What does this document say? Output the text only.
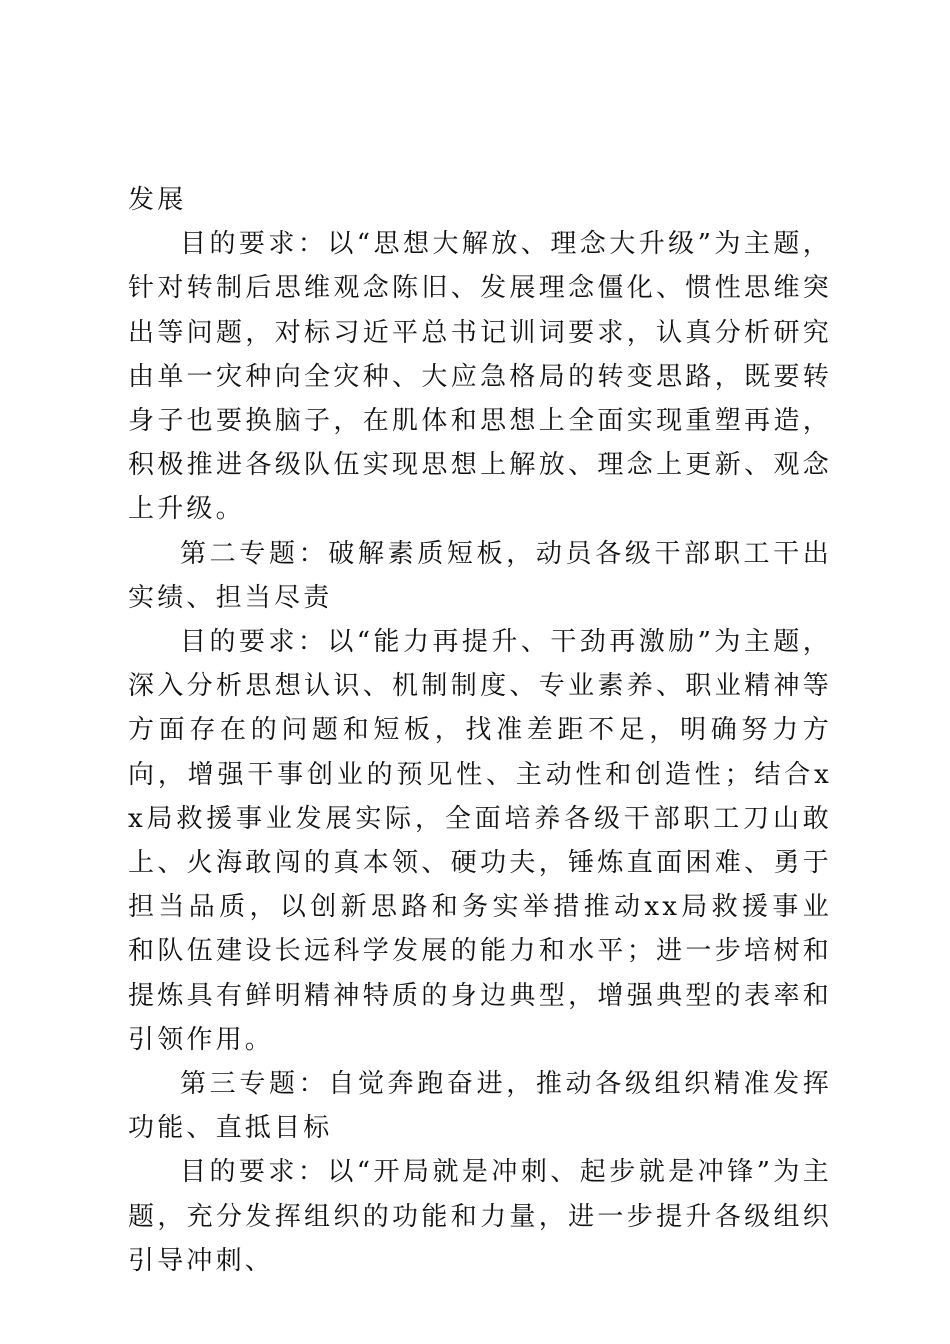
发展

目的要求：以“思想大解放、理念大升级”为主题，针对转制后思维观念陈旧、发展理念僵化、惯性思维突出等问题，对标习近平总书记训词要求，认真分析研究由单一灾种向全灾种、大应急格局的转变思路，既要转身子也要换脑子，在肌体和思想上全面实现重塑再造，积极推进各级队伍实现思想上解放、理念上更新、观念上升级。

第二专题：破解素质短板，动员各级干部职工干出实绩、担当尽责

目的要求：以“能力再提升、干劲再激励”为主题，深入分析思想认识、机制制度、专业素养、职业精神等方面存在的问题和短板，找准差距不足，明确努力方向，增强干事创业的预见性、主动性和创造性；结合xx局救援事业发展实际，全面培养各级干部职工刀山敢上、火海敢闯的真本领、硬功夫，锤炼直面困难、勇于担当品质，以创新思路和务实举措推动xx局救援事业和队伍建设长远科学发展的能力和水平；进一步培树和提炼具有鲜明精神特质的身边典型，增强典型的表率和引领作用。

第三专题：自觉奔跑奋进，推动各级组织精准发挥功能、直抵目标

目的要求：以“开局就是冲刺、起步就是冲锋”为主题，充分发挥组织的功能和力量，进一步提升各级组织引导冲刺、
